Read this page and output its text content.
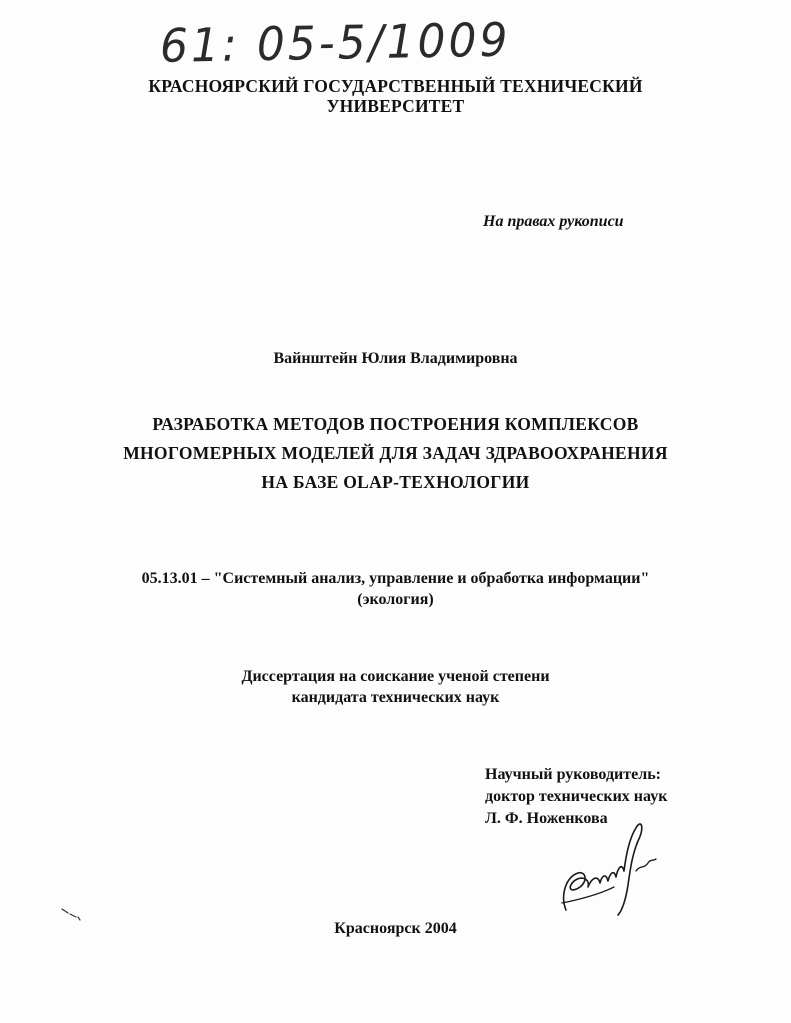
61: 05-5/1009
КРАСНОЯРСКИЙ ГОСУДАРСТВЕННЫЙ ТЕХНИЧЕСКИЙ
УНИВЕРСИТЕТ
На правах рукописи
Вайнштейн Юлия Владимировна
РАЗРАБОТКА МЕТОДОВ ПОСТРОЕНИЯ КОМПЛЕКСОВ
МНОГОМЕРНЫХ МОДЕЛЕЙ ДЛЯ ЗАДАЧ ЗДРАВООХРАНЕНИЯ
НА БАЗЕ OLAP-ТЕХНОЛОГИИ
05.13.01 – "Системный анализ, управление и обработка информации"
(экология)
Диссертация на соискание ученой степени
кандидата технических наук
Научный руководитель:
доктор технических наук
Л. Ф. Ноженкова
Красноярск 2004
